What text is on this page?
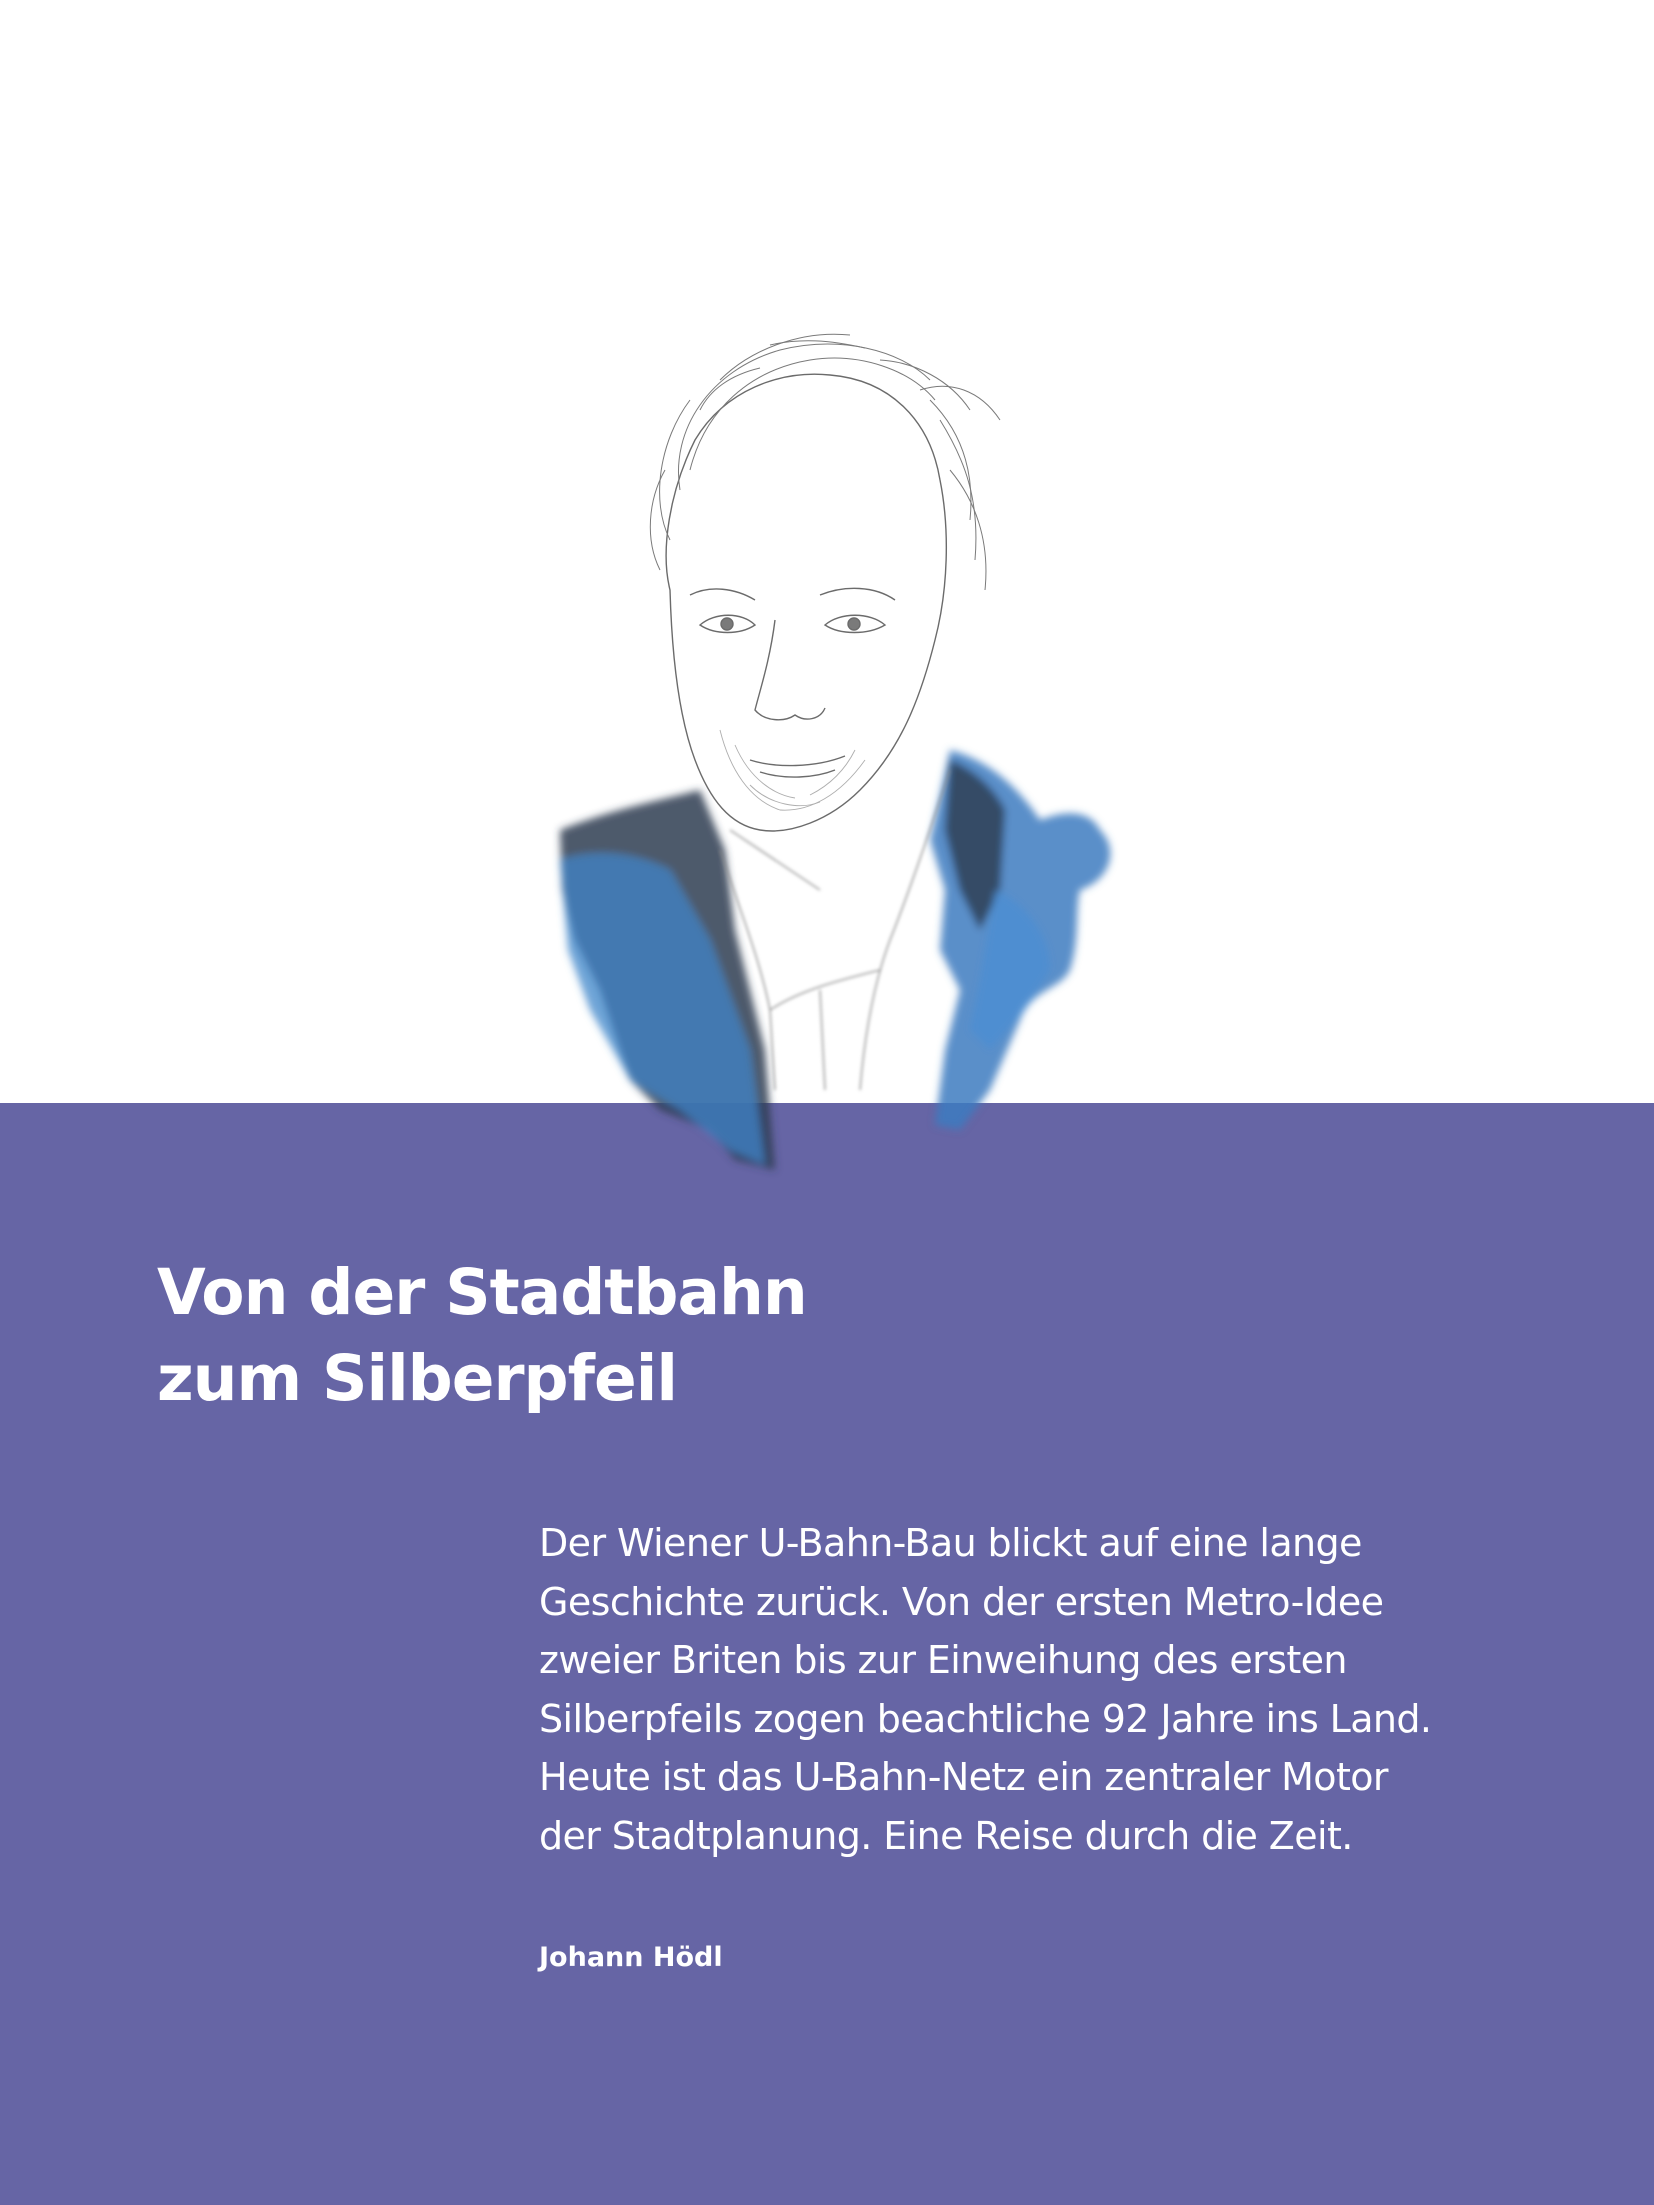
Von der Stadtbahn
zum Silberpfeil

Der Wiener U-Bahn-Bau blickt auf eine lange
Geschichte zurück. Von der ersten Metro-Idee
zweier Briten bis zur Einweihung des ersten
Silberpfeils zogen beachtliche 92 Jahre ins Land.
Heute ist das U-Bahn-Netz ein zentraler Motor
der Stadtplanung. Eine Reise durch die Zeit.

Johann Hödl
